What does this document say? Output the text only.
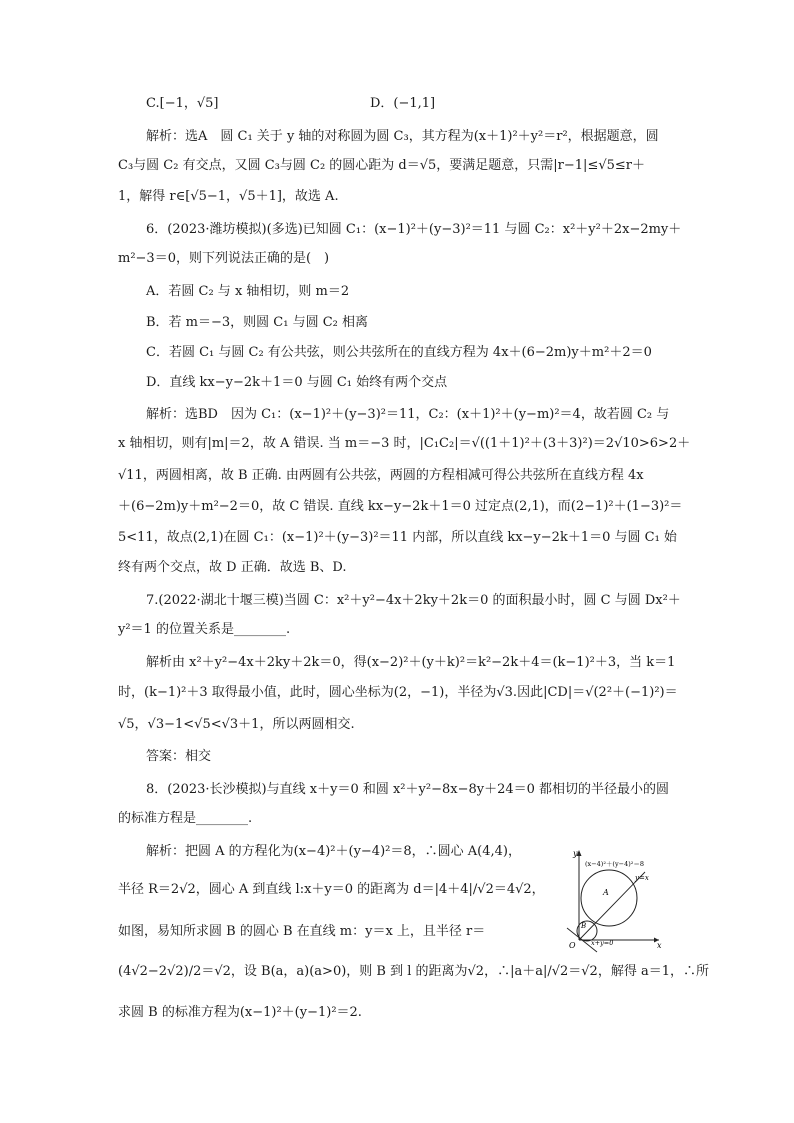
C.[−1，√5]	D．(−1,1]
解析：选A　圆 C₁ 关于 y 轴的对称圆为圆 C₃，其方程为(x＋1)²＋y²＝r²，根据题意，圆
C₃与圆 C₂ 有交点，又圆 C₃与圆 C₂ 的圆心距为 d＝√5，要满足题意，只需|r−1|≤√5≤r＋
1，解得 r∈[√5−1，√5＋1]，故选 A.
6．(2023·潍坊模拟)(多选)已知圆 C₁：(x−1)²＋(y−3)²＝11 与圆 C₂：x²＋y²＋2x−2my＋
m²−3＝0，则下列说法正确的是(　)
A．若圆 C₂ 与 x 轴相切，则 m＝2
B．若 m＝−3，则圆 C₁ 与圆 C₂ 相离
C．若圆 C₁ 与圆 C₂ 有公共弦，则公共弦所在的直线方程为 4x＋(6−2m)y＋m²＋2＝0
D．直线 kx−y−2k＋1＝0 与圆 C₁ 始终有两个交点
解析：选BD　因为 C₁：(x−1)²＋(y−3)²＝11，C₂：(x＋1)²＋(y−m)²＝4，故若圆 C₂ 与
x 轴相切，则有|m|＝2，故 A 错误. 当 m＝−3 时，|C₁C₂|＝√((1＋1)²＋(3＋3)²)＝2√10>6>2＋
√11，两圆相离，故 B 正确. 由两圆有公共弦，两圆的方程相减可得公共弦所在直线方程 4x
＋(6−2m)y＋m²−2＝0，故 C 错误. 直线 kx−y−2k＋1＝0 过定点(2,1)，而(2−1)²＋(1−3)²＝
5<11，故点(2,1)在圆 C₁：(x−1)²＋(y−3)²＝11 内部，所以直线 kx−y−2k＋1＝0 与圆 C₁ 始
终有两个交点，故 D 正确．故选 B、D.
7.(2022·湖北十堰三模)当圆 C：x²＋y²−4x＋2ky＋2k＝0 的面积最小时，圆 C 与圆 Dx²＋
y²＝1 的位置关系是________.
解析由 x²＋y²−4x＋2ky＋2k＝0，得(x−2)²＋(y＋k)²＝k²−2k＋4＝(k−1)²＋3，当 k＝1
时，(k−1)²＋3 取得最小值，此时，圆心坐标为(2，−1)，半径为√3.因此|CD|＝√(2²＋(−1)²)＝
√5，√3−1<√5<√3＋1，所以两圆相交.
答案：相交
8．(2023·长沙模拟)与直线 x＋y＝0 和圆 x²＋y²−8x−8y＋24＝0 都相切的半径最小的圆
的标准方程是________.
解析：把圆 A 的方程化为(x−4)²＋(y−4)²＝8，∴圆心 A(4,4)，
半径 R＝2√2，圆心 A 到直线 l:x＋y＝0 的距离为 d＝|4＋4|/√2＝4√2，
如图，易知所求圆 B 的圆心 B 在直线 m：y＝x 上，且半径 r＝
(4√2−2√2)/2＝√2，设 B(a，a)(a>0)，则 B 到 l 的距离为√2，∴|a＋a|/√2＝√2，解得 a＝1，∴所
求圆 B 的标准方程为(x−1)²＋(y−1)²＝2.
y
x
O
(x−4)²＋(y−4)²＝8
y=x
x+y=0
A
B
